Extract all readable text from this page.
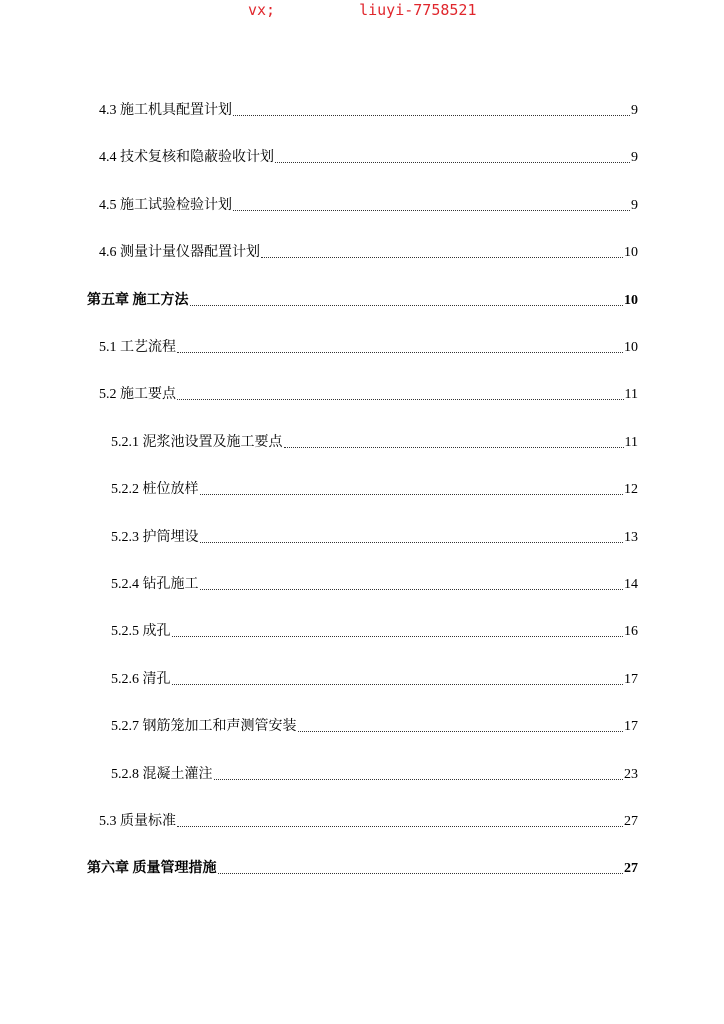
vx;	liuyi-7758521
4.3 施工机具配置计划	9
4.4 技术复核和隐蔽验收计划	9
4.5 施工试验检验计划	9
4.6 测量计量仪器配置计划	10
第五章 施工方法	10
5.1 工艺流程	10
5.2 施工要点	11
5.2.1 泥浆池设置及施工要点	11
5.2.2 桩位放样	12
5.2.3 护筒埋设	13
5.2.4 钻孔施工	14
5.2.5 成孔	16
5.2.6 清孔	17
5.2.7 钢筋笼加工和声测管安装	17
5.2.8 混凝土灌注	23
5.3 质量标准	27
第六章 质量管理措施	27
